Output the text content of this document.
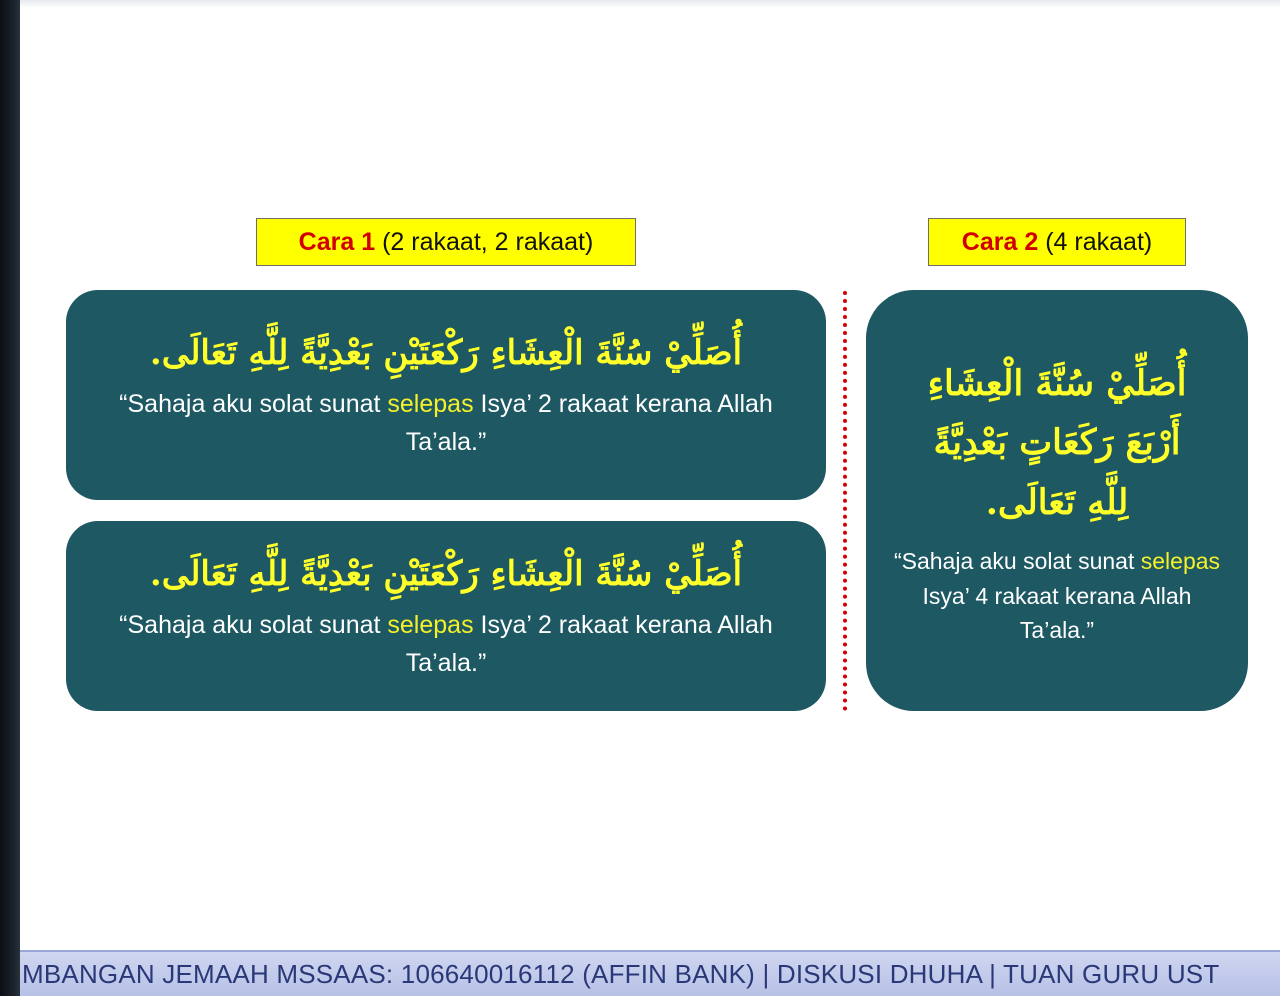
Cara 1 (2 rakaat, 2 rakaat)	Cara 2 (4 rakaat)
أُصَلِّيْ سُنَّةَ الْعِشَاءِ رَكْعَتَيْنِ بَعْدِيَّةً لِلَّهِ تَعَالَى.
“Sahaja aku solat sunat selepas Isya’ 2 rakaat kerana Allah Ta’ala.”
أُصَلِّيْ سُنَّةَ الْعِشَاءِ رَكْعَتَيْنِ بَعْدِيَّةً لِلَّهِ تَعَالَى.
“Sahaja aku solat sunat selepas Isya’ 2 rakaat kerana Allah Ta’ala.”
أُصَلِّيْ سُنَّةَ الْعِشَاءِ
أَرْبَعَ رَكَعَاتٍ بَعْدِيَّةً
لِلَّهِ تَعَالَى.
“Sahaja aku solat sunat selepas Isya’ 4 rakaat kerana Allah Ta’ala.”
MBANGAN JEMAAH MSSAAS: 106640016112 (AFFIN BANK) | DISKUSI DHUHA | TUAN GURU UST
